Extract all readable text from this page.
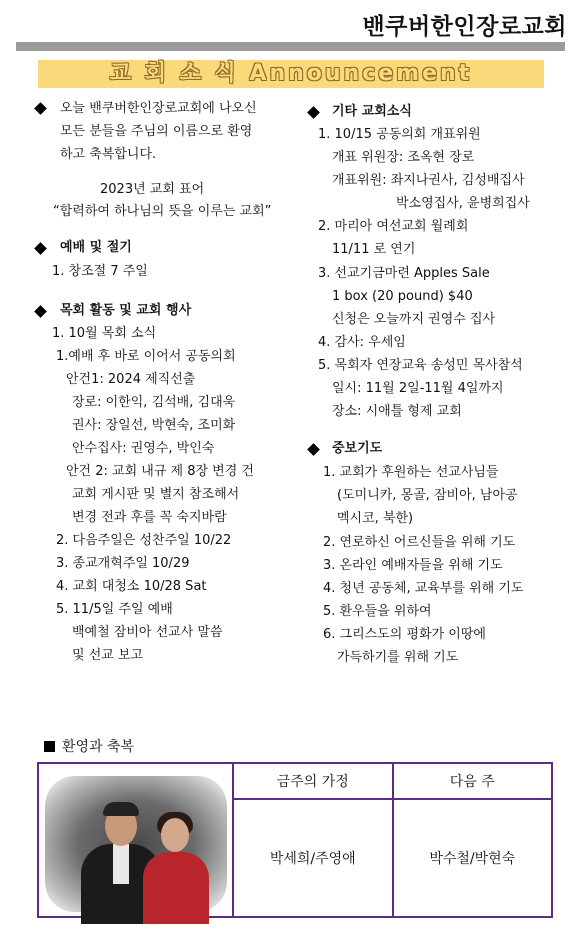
밴쿠버한인장로교회
교 회 소 식 Announcement
오늘 밴쿠버한인장로교회에 나오신
모든 분들을 주님의 이름으로 환영
하고 축복합니다.
2023년 교회 표어
“합력하여 하나님의 뜻을 이루는 교회”
예배 및 절기
1. 창조절 7 주일
목회 활동 및 교회 행사
1. 10월 목회 소식
1.예배 후 바로 이어서 공동의회
안건1: 2024 제직선출
장로: 이한익, 김석배, 김대욱
권사: 장일선, 박현숙, 조미화
안수집사: 권영수, 박인숙
안건 2: 교회 내규 제 8장 변경 건
교회 게시판 및 별지 참조해서
변경 전과 후를 꼭 숙지바람
2. 다음주일은 성찬주일 10/22
3. 종교개혁주일 10/29
4. 교회 대청소 10/28 Sat
5. 11/5일 주일 예배
백예철 잠비아 선교사 말씀
및 선교 보고
기타 교회소식
1. 10/15 공동의회 개표위원
개표 위원장: 조옥현 장로
개표위원: 좌지나권사, 김성배집사
박소영집사, 윤병희집사
2. 마리아 여선교회 월례회
11/11 로 연기
3. 선교기금마련 Apples Sale
1 box (20 pound) $40
신청은 오늘까지 권영수 집사
4. 감사: 우세임
5. 목회자 연장교육 송성민 목사참석
일시: 11월 2일-11월 4일까지
장소: 시애틀 형제 교회
중보기도
1. 교회가 후원하는 선교사님들
(도미니카, 몽골, 잠비아, 남아공
멕시코, 북한)
2. 연로하신 어르신들을 위해 기도
3. 온라인 예배자들을 위해 기도
4. 청년 공동체, 교육부를 위해 기도
5. 환우들을 위하여
6. 그리스도의 평화가 이땅에
가득하기를 위해 기도
환영과 축복
	금주의 가정	다음 주
	박세희/주영애	박수철/박현숙
